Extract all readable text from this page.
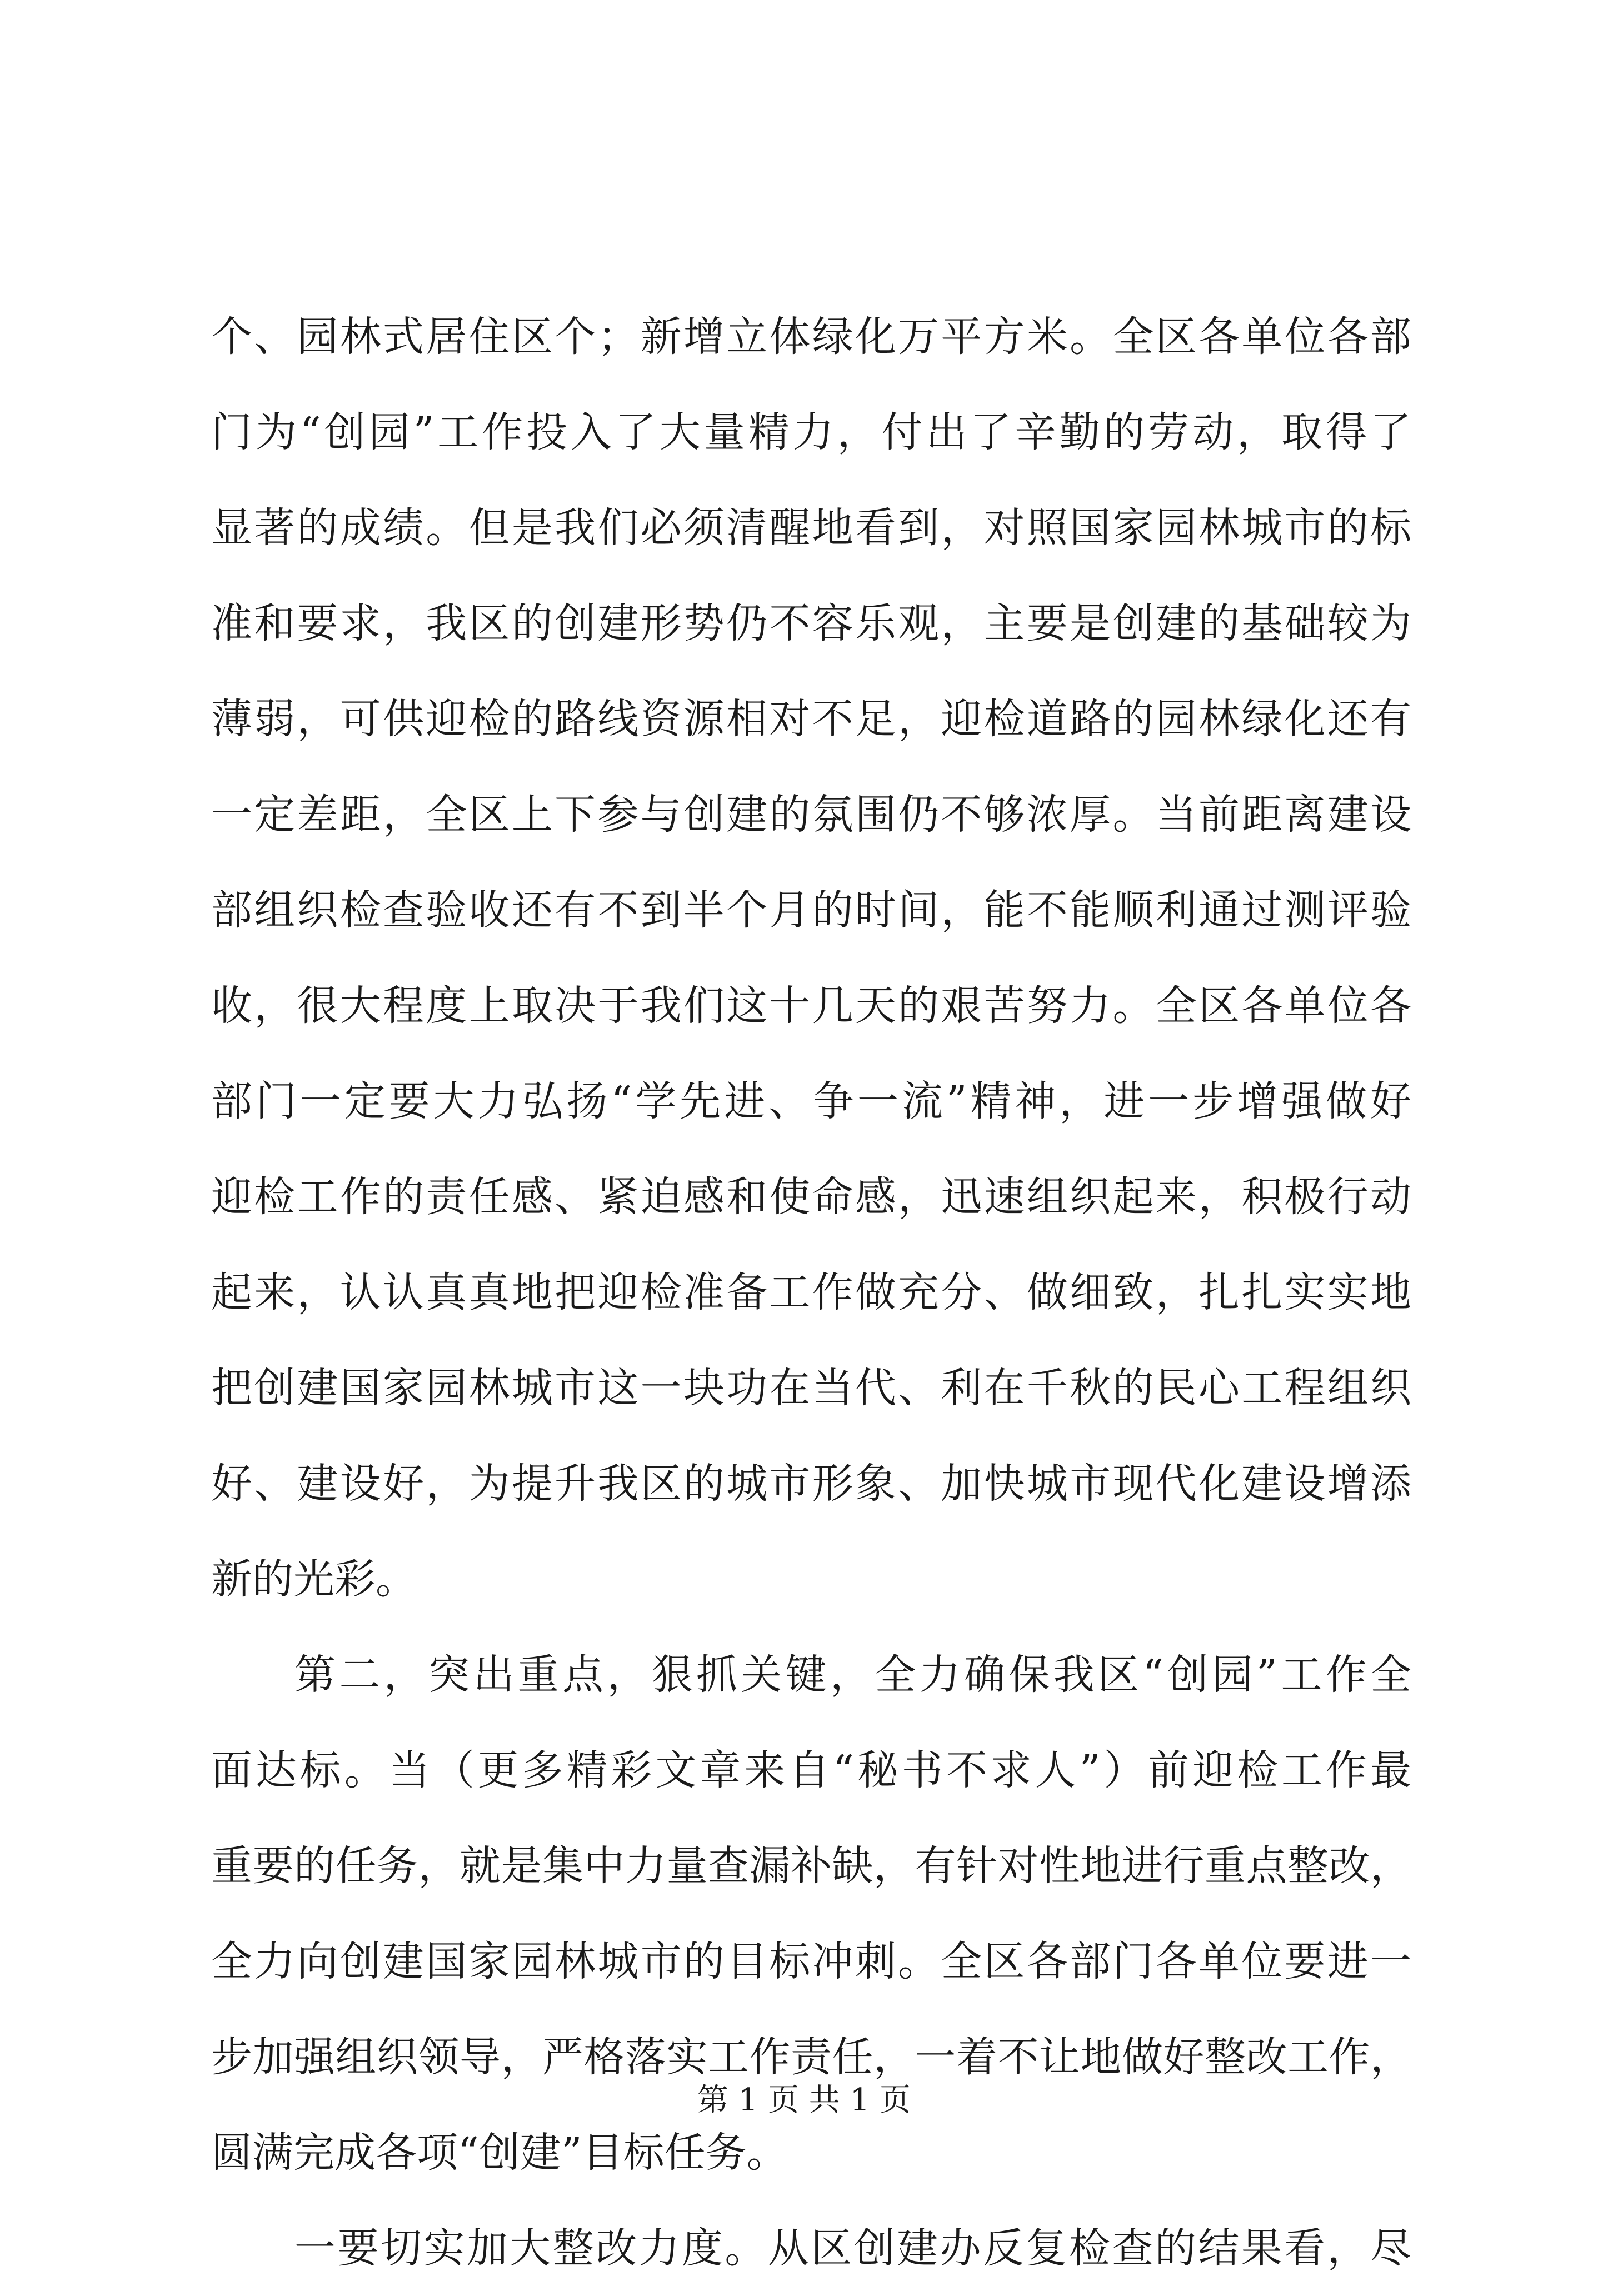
个、园林式居住区个；新增立体绿化万平方米。全区各单位各部
门为“创园”工作投入了大量精力，付出了辛勤的劳动，取得了
显著的成绩。但是我们必须清醒地看到，对照国家园林城市的标
准和要求，我区的创建形势仍不容乐观，主要是创建的基础较为
薄弱，可供迎检的路线资源相对不足，迎检道路的园林绿化还有
一定差距，全区上下参与创建的氛围仍不够浓厚。当前距离建设
部组织检查验收还有不到半个月的时间，能不能顺利通过测评验
收，很大程度上取决于我们这十几天的艰苦努力。全区各单位各
部门一定要大力弘扬“学先进、争一流”精神，进一步增强做好
迎检工作的责任感、紧迫感和使命感，迅速组织起来，积极行动
起来，认认真真地把迎检准备工作做充分、做细致，扎扎实实地
把创建国家园林城市这一块功在当代、利在千秋的民心工程组织
好、建设好，为提升我区的城市形象、加快城市现代化建设增添
新的光彩。
第二，突出重点，狠抓关键，全力确保我区“创园”工作全
面达标。当（更多精彩文章来自“秘书不求人”）前迎检工作最
重要的任务，就是集中力量查漏补缺，有针对性地进行重点整改，
全力向创建国家园林城市的目标冲刺。全区各部门各单位要进一
步加强组织领导，严格落实工作责任，一着不让地做好整改工作，
圆满完成各项“创建”目标任务。
一要切实加大整改力度。从区创建办反复检查的结果看，尽
第 1 页 共 1 页
